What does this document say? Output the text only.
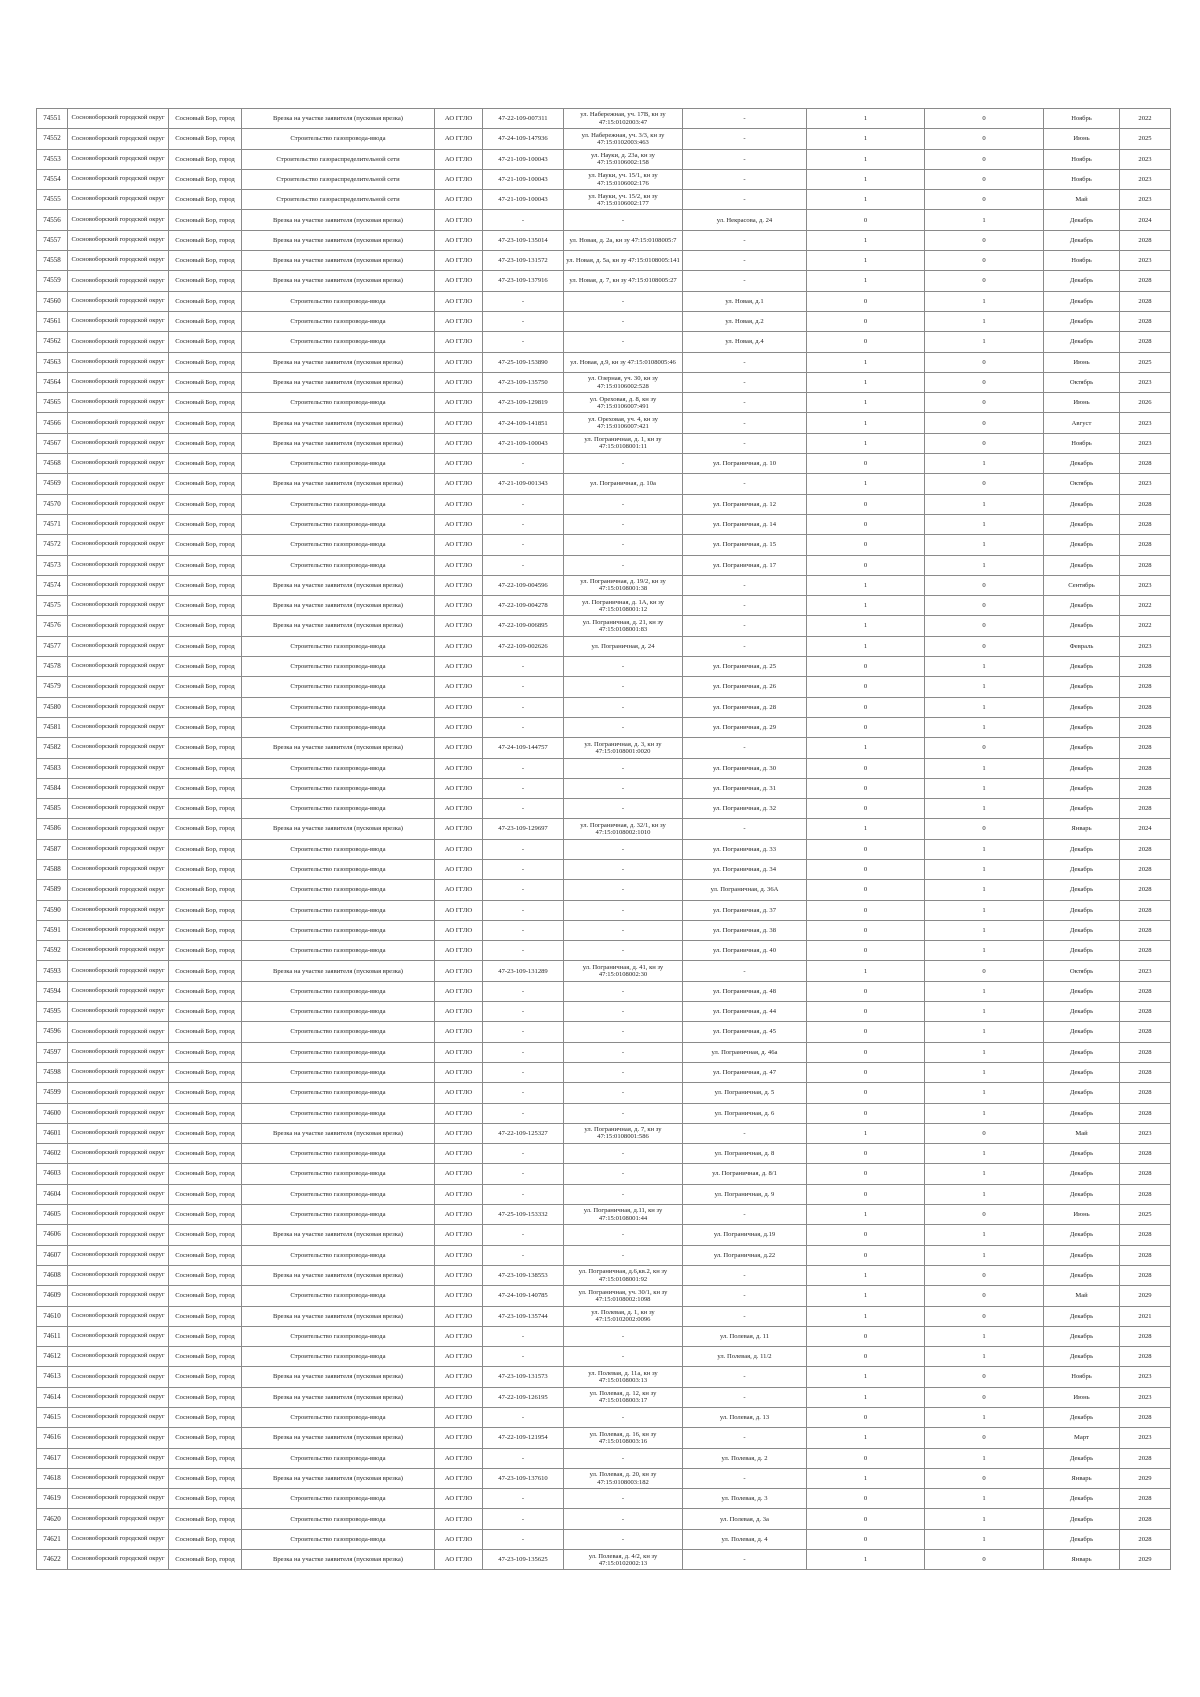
74551	Сосновоборский городской округ	Сосновый Бор, город	Врезка на участке заявителя (пусковая врезка)	АО ГГЛО	47-22-109-007311	ул. Набережная, уч. 17В, кн зу 47:15:0102003:47	-	1	0	Ноябрь	2022
74552	Сосновоборский городской округ	Сосновый Бор, город	Строительство газопровода-ввода	АО ГГЛО	47-24-109-147936	ул. Набережная, уч. 3/3, кн зу 47:15:0102003:463	-	1	0	Июнь	2025
74553	Сосновоборский городской округ	Сосновый Бор, город	Строительство газораспределительной сети	АО ГГЛО	47-21-109-100043	ул. Науки, д. 23а, кн зу 47:15:0106002:158	-	1	0	Ноябрь	2023
74554	Сосновоборский городской округ	Сосновый Бор, город	Строительство газораспределительной сети	АО ГГЛО	47-21-109-100043	ул. Науки, уч. 15/1, кн зу 47:15:0106002:176	-	1	0	Ноябрь	2023
74555	Сосновоборский городской округ	Сосновый Бор, город	Строительство газораспределительной сети	АО ГГЛО	47-21-109-100043	ул. Науки, уч. 15/2, кн зу 47:15:0106002:177	-	1	0	Май	2023
74556	Сосновоборский городской округ	Сосновый Бор, город	Врезка на участке заявителя (пусковая врезка)	АО ГГЛО	-	-	ул. Некрасова, д. 24	0	1	Декабрь	2024
74557	Сосновоборский городской округ	Сосновый Бор, город	Врезка на участке заявителя (пусковая врезка)	АО ГГЛО	47-23-109-135014	ул. Новая, д. 2а, кн зу 47:15:0108005:7	-	1	0	Декабрь	2028
74558	Сосновоборский городской округ	Сосновый Бор, город	Врезка на участке заявителя (пусковая врезка)	АО ГГЛО	47-23-109-131572	ул. Новая, д. 5а, кн зу 47:15:0108005:141	-	1	0	Ноябрь	2023
74559	Сосновоборский городской округ	Сосновый Бор, город	Врезка на участке заявителя (пусковая врезка)	АО ГГЛО	47-23-109-137916	ул. Новая, д. 7, кн зу 47:15:0108005:27	-	1	0	Декабрь	2028
74560	Сосновоборский городской округ	Сосновый Бор, город	Строительство газопровода-ввода	АО ГГЛО	-	-	ул. Новая, д.1	0	1	Декабрь	2028
74561	Сосновоборский городской округ	Сосновый Бор, город	Строительство газопровода-ввода	АО ГГЛО	-	-	ул. Новая, д.2	0	1	Декабрь	2028
74562	Сосновоборский городской округ	Сосновый Бор, город	Строительство газопровода-ввода	АО ГГЛО	-	-	ул. Новая, д.4	0	1	Декабрь	2028
74563	Сосновоборский городской округ	Сосновый Бор, город	Врезка на участке заявителя (пусковая врезка)	АО ГГЛО	47-25-109-153890	ул. Новая, д.9, кн зу 47:15:0108005:46	-	1	0	Июнь	2025
74564	Сосновоборский городской округ	Сосновый Бор, город	Врезка на участке заявителя (пусковая врезка)	АО ГГЛО	47-23-109-135750	ул. Озерная, уч. 30, кн зу 47:15:0106002:528	-	1	0	Октябрь	2023
74565	Сосновоборский городской округ	Сосновый Бор, город	Строительство газопровода-ввода	АО ГГЛО	47-23-109-129819	ул. Ореховая, д. 8, кн зу 47:15:0106007:491	-	1	0	Июнь	2026
74566	Сосновоборский городской округ	Сосновый Бор, город	Врезка на участке заявителя (пусковая врезка)	АО ГГЛО	47-24-109-141851	ул. Ореховая, уч. 4, кн зу 47:15:0106007:421	-	1	0	Август	2023
74567	Сосновоборский городской округ	Сосновый Бор, город	Врезка на участке заявителя (пусковая врезка)	АО ГГЛО	47-21-109-100043	ул. Пограничная, д. 1, кн зу 47:15:0108001:11	-	1	0	Ноябрь	2023
74568	Сосновоборский городской округ	Сосновый Бор, город	Строительство газопровода-ввода	АО ГГЛО	-	-	ул. Пограничная, д. 10	0	1	Декабрь	2028
74569	Сосновоборский городской округ	Сосновый Бор, город	Врезка на участке заявителя (пусковая врезка)	АО ГГЛО	47-21-109-001343	ул. Пограничная, д. 10а	-	1	0	Октябрь	2023
74570	Сосновоборский городской округ	Сосновый Бор, город	Строительство газопровода-ввода	АО ГГЛО	-	-	ул. Пограничная, д. 12	0	1	Декабрь	2028
74571	Сосновоборский городской округ	Сосновый Бор, город	Строительство газопровода-ввода	АО ГГЛО	-	-	ул. Пограничная, д. 14	0	1	Декабрь	2028
74572	Сосновоборский городской округ	Сосновый Бор, город	Строительство газопровода-ввода	АО ГГЛО	-	-	ул. Пограничная, д. 15	0	1	Декабрь	2028
74573	Сосновоборский городской округ	Сосновый Бор, город	Строительство газопровода-ввода	АО ГГЛО	-	-	ул. Пограничная, д. 17	0	1	Декабрь	2028
74574	Сосновоборский городской округ	Сосновый Бор, город	Врезка на участке заявителя (пусковая врезка)	АО ГГЛО	47-22-109-004596	ул. Пограничная, д. 19/2, кн зу 47:15:0108001:38	-	1	0	Сентябрь	2023
74575	Сосновоборский городской округ	Сосновый Бор, город	Врезка на участке заявителя (пусковая врезка)	АО ГГЛО	47-22-109-004278	ул. Пограничная, д. 1А, кн зу 47:15:0108001:12	-	1	0	Декабрь	2022
74576	Сосновоборский городской округ	Сосновый Бор, город	Врезка на участке заявителя (пусковая врезка)	АО ГГЛО	47-22-109-006895	ул. Пограничная, д. 21, кн зу 47:15:0108001:83	-	1	0	Декабрь	2022
74577	Сосновоборский городской округ	Сосновый Бор, город	Строительство газопровода-ввода	АО ГГЛО	47-22-109-002626	ул. Пограничная, д. 24	-	1	0	Февраль	2023
74578	Сосновоборский городской округ	Сосновый Бор, город	Строительство газопровода-ввода	АО ГГЛО	-	-	ул. Пограничная, д. 25	0	1	Декабрь	2028
74579	Сосновоборский городской округ	Сосновый Бор, город	Строительство газопровода-ввода	АО ГГЛО	-	-	ул. Пограничная, д. 26	0	1	Декабрь	2028
74580	Сосновоборский городской округ	Сосновый Бор, город	Строительство газопровода-ввода	АО ГГЛО	-	-	ул. Пограничная, д. 28	0	1	Декабрь	2028
74581	Сосновоборский городской округ	Сосновый Бор, город	Строительство газопровода-ввода	АО ГГЛО	-	-	ул. Пограничная, д. 29	0	1	Декабрь	2028
74582	Сосновоборский городской округ	Сосновый Бор, город	Врезка на участке заявителя (пусковая врезка)	АО ГГЛО	47-24-109-144757	ул. Пограничная, д. 3, кн зу 47:15:0108001:0020	-	1	0	Декабрь	2028
74583	Сосновоборский городской округ	Сосновый Бор, город	Строительство газопровода-ввода	АО ГГЛО	-	-	ул. Пограничная, д. 30	0	1	Декабрь	2028
74584	Сосновоборский городской округ	Сосновый Бор, город	Строительство газопровода-ввода	АО ГГЛО	-	-	ул. Пограничная, д. 31	0	1	Декабрь	2028
74585	Сосновоборский городской округ	Сосновый Бор, город	Строительство газопровода-ввода	АО ГГЛО	-	-	ул. Пограничная, д. 32	0	1	Декабрь	2028
74586	Сосновоборский городской округ	Сосновый Бор, город	Врезка на участке заявителя (пусковая врезка)	АО ГГЛО	47-23-109-129697	ул. Пограничная, д. 32/1, кн зу 47:15:0108002:1010	-	1	0	Январь	2024
74587	Сосновоборский городской округ	Сосновый Бор, город	Строительство газопровода-ввода	АО ГГЛО	-	-	ул. Пограничная, д. 33	0	1	Декабрь	2028
74588	Сосновоборский городской округ	Сосновый Бор, город	Строительство газопровода-ввода	АО ГГЛО	-	-	ул. Пограничная, д. 34	0	1	Декабрь	2028
74589	Сосновоборский городской округ	Сосновый Бор, город	Строительство газопровода-ввода	АО ГГЛО	-	-	ул. Пограничная, д. 36А	0	1	Декабрь	2028
74590	Сосновоборский городской округ	Сосновый Бор, город	Строительство газопровода-ввода	АО ГГЛО	-	-	ул. Пограничная, д. 37	0	1	Декабрь	2028
74591	Сосновоборский городской округ	Сосновый Бор, город	Строительство газопровода-ввода	АО ГГЛО	-	-	ул. Пограничная, д. 38	0	1	Декабрь	2028
74592	Сосновоборский городской округ	Сосновый Бор, город	Строительство газопровода-ввода	АО ГГЛО	-	-	ул. Пограничная, д. 40	0	1	Декабрь	2028
74593	Сосновоборский городской округ	Сосновый Бор, город	Врезка на участке заявителя (пусковая врезка)	АО ГГЛО	47-23-109-131289	ул. Пограничная, д. 41, кн зу 47:15:0108002:30	-	1	0	Октябрь	2023
74594	Сосновоборский городской округ	Сосновый Бор, город	Строительство газопровода-ввода	АО ГГЛО	-	-	ул. Пограничная, д. 48	0	1	Декабрь	2028
74595	Сосновоборский городской округ	Сосновый Бор, город	Строительство газопровода-ввода	АО ГГЛО	-	-	ул. Пограничная, д. 44	0	1	Декабрь	2028
74596	Сосновоборский городской округ	Сосновый Бор, город	Строительство газопровода-ввода	АО ГГЛО	-	-	ул. Пограничная, д. 45	0	1	Декабрь	2028
74597	Сосновоборский городской округ	Сосновый Бор, город	Строительство газопровода-ввода	АО ГГЛО	-	-	ул. Пограничная, д. 46а	0	1	Декабрь	2028
74598	Сосновоборский городской округ	Сосновый Бор, город	Строительство газопровода-ввода	АО ГГЛО	-	-	ул. Пограничная, д. 47	0	1	Декабрь	2028
74599	Сосновоборский городской округ	Сосновый Бор, город	Строительство газопровода-ввода	АО ГГЛО	-	-	ул. Пограничная, д. 5	0	1	Декабрь	2028
74600	Сосновоборский городской округ	Сосновый Бор, город	Строительство газопровода-ввода	АО ГГЛО	-	-	ул. Пограничная, д. 6	0	1	Декабрь	2028
74601	Сосновоборский городской округ	Сосновый Бор, город	Врезка на участке заявителя (пусковая врезка)	АО ГГЛО	47-22-109-125327	ул. Пограничная, д. 7, кн зу 47:15:0108001:586	-	1	0	Май	2023
74602	Сосновоборский городской округ	Сосновый Бор, город	Строительство газопровода-ввода	АО ГГЛО	-	-	ул. Пограничная, д. 8	0	1	Декабрь	2028
74603	Сосновоборский городской округ	Сосновый Бор, город	Строительство газопровода-ввода	АО ГГЛО	-	-	ул. Пограничная, д. 8/1	0	1	Декабрь	2028
74604	Сосновоборский городской округ	Сосновый Бор, город	Строительство газопровода-ввода	АО ГГЛО	-	-	ул. Пограничная, д. 9	0	1	Декабрь	2028
74605	Сосновоборский городской округ	Сосновый Бор, город	Строительство газопровода-ввода	АО ГГЛО	47-25-109-153332	ул. Пограничная, д.11, кн зу 47:15:0108001:44	-	1	0	Июнь	2025
74606	Сосновоборский городской округ	Сосновый Бор, город	Врезка на участке заявителя (пусковая врезка)	АО ГГЛО	-	-	ул. Пограничная, д.19	0	1	Декабрь	2028
74607	Сосновоборский городской округ	Сосновый Бор, город	Строительство газопровода-ввода	АО ГГЛО	-	-	ул. Пограничная, д.22	0	1	Декабрь	2028
74608	Сосновоборский городской округ	Сосновый Бор, город	Врезка на участке заявителя (пусковая врезка)	АО ГГЛО	47-23-109-138553	ул. Пограничная, д.6,кв.2, кн зу 47:15:0108001:92	-	1	0	Декабрь	2028
74609	Сосновоборский городской округ	Сосновый Бор, город	Строительство газопровода-ввода	АО ГГЛО	47-24-109-140785	ул. Пограничная, уч. 30/1, кн зу 47:15:0108002:1098	-	1	0	Май	2029
74610	Сосновоборский городской округ	Сосновый Бор, город	Врезка на участке заявителя (пусковая врезка)	АО ГГЛО	47-23-109-135744	ул. Полевая, д. 1, кн зу 47:15:0102002:0096	-	1	0	Декабрь	2021
74611	Сосновоборский городской округ	Сосновый Бор, город	Строительство газопровода-ввода	АО ГГЛО	-	-	ул. Полевая, д. 11	0	1	Декабрь	2028
74612	Сосновоборский городской округ	Сосновый Бор, город	Строительство газопровода-ввода	АО ГГЛО	-	-	ул. Полевая, д. 11/2	0	1	Декабрь	2028
74613	Сосновоборский городской округ	Сосновый Бор, город	Врезка на участке заявителя (пусковая врезка)	АО ГГЛО	47-23-109-131573	ул. Полевая, д. 11а, кн зу 47:15:0108003:13	-	1	0	Ноябрь	2023
74614	Сосновоборский городской округ	Сосновый Бор, город	Врезка на участке заявителя (пусковая врезка)	АО ГГЛО	47-22-109-126195	ул. Полевая, д. 12, кн зу 47:15:0108003:17	-	1	0	Июнь	2023
74615	Сосновоборский городской округ	Сосновый Бор, город	Строительство газопровода-ввода	АО ГГЛО	-	-	ул. Полевая, д. 13	0	1	Декабрь	2028
74616	Сосновоборский городской округ	Сосновый Бор, город	Врезка на участке заявителя (пусковая врезка)	АО ГГЛО	47-22-109-121954	ул. Полевая, д. 16, кн зу 47:15:0108003:16	-	1	0	Март	2023
74617	Сосновоборский городской округ	Сосновый Бор, город	Строительство газопровода-ввода	АО ГГЛО	-	-	ул. Полевая, д. 2	0	1	Декабрь	2028
74618	Сосновоборский городской округ	Сосновый Бор, город	Врезка на участке заявителя (пусковая врезка)	АО ГГЛО	47-23-109-137610	ул. Полевая, д. 20, кн зу 47:15:0108003:182	-	1	0	Январь	2029
74619	Сосновоборский городской округ	Сосновый Бор, город	Строительство газопровода-ввода	АО ГГЛО	-	-	ул. Полевая, д. 3	0	1	Декабрь	2028
74620	Сосновоборский городской округ	Сосновый Бор, город	Строительство газопровода-ввода	АО ГГЛО	-	-	ул. Полевая, д. 3а	0	1	Декабрь	2028
74621	Сосновоборский городской округ	Сосновый Бор, город	Строительство газопровода-ввода	АО ГГЛО	-	-	ул. Полевая, д. 4	0	1	Декабрь	2028
74622	Сосновоборский городской округ	Сосновый Бор, город	Врезка на участке заявителя (пусковая врезка)	АО ГГЛО	47-23-109-135625	ул. Полевая, д. 4/2, кн зу 47:15:0102002:13	-	1	0	Январь	2029
